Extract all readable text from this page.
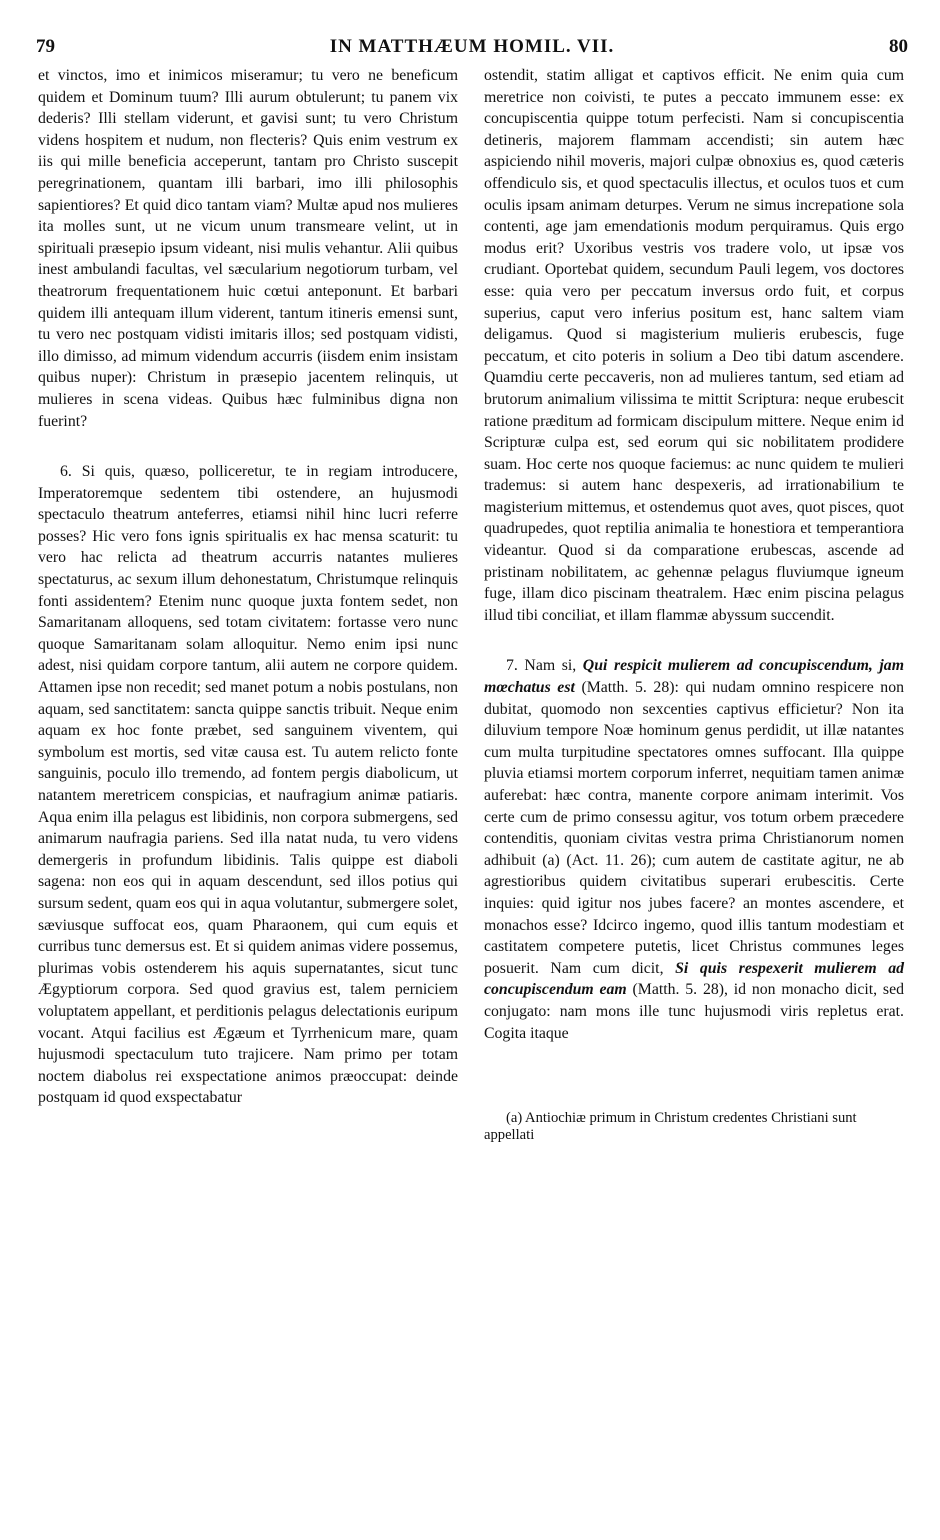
79	IN MATTHÆUM HOMIL. VII.	80

et vinctos, imo et inimicos miseramur; tu vero ne beneficum quidem et Dominum tuum? Illi aurum obtulerunt; tu panem vix dederis? Illi stellam viderunt, et gavisi sunt; tu vero Christum videns hospitem et nudum, non flecteris? Quis enim vestrum ex iis qui mille beneficia acceperunt, tantam pro Christo suscepit peregrinationem, quantam illi barbari, imo illi philosophis sapientiores? Et quid dico tantam viam? Multæ apud nos mulieres ita molles sunt, ut ne vicum unum transmeare velint, ut in spirituali præsepio ipsum videant, nisi mulis vehantur. Alii quibus inest ambulandi facultas, vel sæcularium negotiorum turbam, vel theatrorum frequentationem huic cœtui anteponunt. Et barbari quidem illi antequam illum viderent, tantum itineris emensi sunt, tu vero nec postquam vidisti imitaris illos; sed postquam vidisti, illo dimisso, ad mimum videndum accurris (iisdem enim insistam quibus nuper): Christum in præsepio jacentem relinquis, ut mulieres in scena videas. Quibus hæc fulminibus digna non fuerint?

6. Si quis, quæso, polliceretur, te in regiam introducere, Imperatoremque sedentem tibi ostendere, an hujusmodi spectaculo theatrum anteferres, etiamsi nihil hinc lucri referre posses? Hic vero fons ignis spiritualis ex hac mensa scaturit: tu vero hac relicta ad theatrum accurris natantes mulieres spectaturus, ac sexum illum dehonestatum, Christumque relinquis fonti assidentem? Etenim nunc quoque juxta fontem sedet, non Samaritanam alloquens, sed totam civitatem: fortasse vero nunc quoque Samaritanam solam alloquitur. Nemo enim ipsi nunc adest, nisi quidam corpore tantum, alii autem ne corpore quidem. Attamen ipse non recedit; sed manet potum a nobis postulans, non aquam, sed sanctitatem: sancta quippe sanctis tribuit. Neque enim aquam ex hoc fonte præbet, sed sanguinem viventem, qui symbolum est mortis, sed vitæ causa est. Tu autem relicto fonte sanguinis, poculo illo tremendo, ad fontem pergis diabolicum, ut natantem meretricem conspicias, et naufragium animæ patiaris. Aqua enim illa pelagus est libidinis, non corpora submergens, sed animarum naufragia pariens. Sed illa natat nuda, tu vero videns demergeris in profundum libidinis. Talis quippe est diaboli sagena: non eos qui in aquam descendunt, sed illos potius qui sursum sedent, quam eos qui in aqua volutantur, submergere solet, sæviusque suffocat eos, quam Pharaonem, qui cum equis et curribus tunc demersus est. Et si quidem animas videre possemus, plurimas vobis ostenderem his aquis supernatantes, sicut tunc Ægyptiorum corpora. Sed quod gravius est, talem perniciem voluptatem appellant, et perditionis pelagus delectationis euripum vocant. Atqui facilius est Ægæum et Tyrrhenicum mare, quam hujusmodi spectaculum tuto trajicere. Nam primo per totam noctem diabolus rei exspectatione animos præoccupat: deinde postquam id quod exspectabatur

ostendit, statim alligat et captivos efficit. Ne enim quia cum meretrice non coivisti, te putes a peccato immunem esse: ex concupiscentia quippe totum perfecisti. Nam si concupiscentia detineris, majorem flammam accendisti; sin autem hæc aspiciendo nihil moveris, majori culpæ obnoxius es, quod cæteris offendiculo sis, et quod spectaculis illectus, et oculos tuos et cum oculis ipsam animam deturpes. Verum ne simus increpatione sola contenti, age jam emendationis modum perquiramus. Quis ergo modus erit? Uxoribus vestris vos tradere volo, ut ipsæ vos crudiant. Oportebat quidem, secundum Pauli legem, vos doctores esse: quia vero per peccatum inversus ordo fuit, et corpus superius, caput vero inferius positum est, hanc saltem viam deligamus. Quod si magisterium mulieris erubescis, fuge peccatum, et cito poteris in solium a Deo tibi datum ascendere. Quamdiu certe peccaveris, non ad mulieres tantum, sed etiam ad brutorum animalium vilissima te mittit Scriptura: neque erubescit ratione præditum ad formicam discipulum mittere. Neque enim id Scripturæ culpa est, sed eorum qui sic nobilitatem prodidere suam. Hoc certe nos quoque faciemus: ac nunc quidem te mulieri trademus: si autem hanc despexeris, ad irrationabilium te magisterium mittemus, et ostendemus quot aves, quot pisces, quot quadrupedes, quot reptilia animalia te honestiora et temperantiora videantur. Quod si da comparatione erubescas, ascende ad pristinam nobilitatem, ac gehennæ pelagus fluviumque igneum fuge, illam dico piscinam theatralem. Hæc enim piscina pelagus illud tibi conciliat, et illam flammæ abyssum succendit.

7. Nam si, Qui respicit mulierem ad concupiscendum, jam mœchatus est (Matth. 5. 28): qui nudam omnino respicere non dubitat, quomodo non sexcenties captivus efficietur? Non ita diluvium tempore Noæ hominum genus perdidit, ut illæ natantes cum multa turpitudine spectatores omnes suffocant. Illa quippe pluvia etiamsi mortem corporum inferret, nequitiam tamen animæ auferebat: hæc contra, manente corpore animam interimit. Vos certe cum de primo consessu agitur, vos totum orbem præcedere contenditis, quoniam civitas vestra prima Christianorum nomen adhibuit (a) (Act. 11. 26); cum autem de castitate agitur, ne ab agrestioribus quidem civitatibus superari erubescitis. Certe inquies: quid igitur nos jubes facere? an montes ascendere, et monachos esse? Idcirco ingemo, quod illis tantum modestiam et castitatem competere putetis, licet Christus communes leges posuerit. Nam cum dicit, Si quis respexerit mulierem ad concupiscendum eam (Matth. 5. 28), id non monacho dicit, sed conjugato: nam mons ille tunc hujusmodi viris repletus erat. Cogita itaque

(a) Antiochiæ primum in Christum credentes Christiani sunt appellati
